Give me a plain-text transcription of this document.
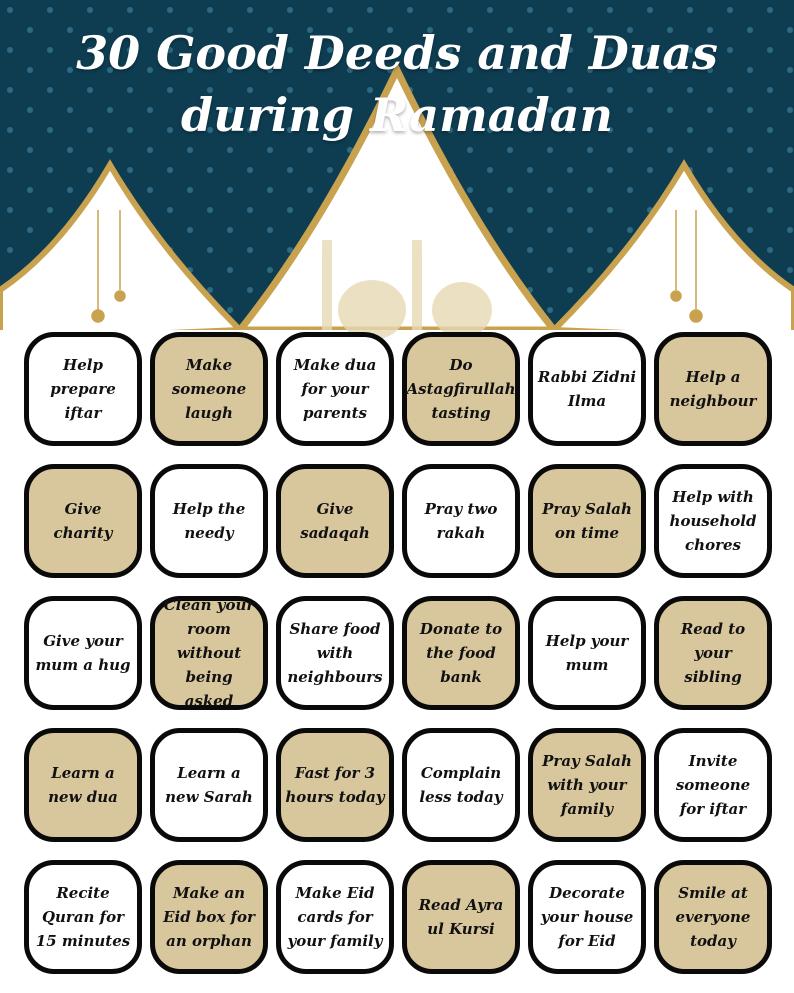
30 Good Deeds and Duas
during Ramadan
Help prepare iftar
Make someone laugh
Make dua for your parents
Do Astagfirullah tasting
Rabbi Zidni Ilma
Help a neighbour
Give charity
Help the needy
Give sadaqah
Pray two rakah
Pray Salah on time
Help with household chores
Give your mum a hug
Clean your room without being asked
Share food with neighbours
Donate to the food bank
Help your mum
Read to your sibling
Learn a new dua
Learn a new Sarah
Fast for 3 hours today
Complain less today
Pray Salah with your family
Invite someone for iftar
Recite Quran for 15 minutes
Make an Eid box for an orphan
Make Eid cards for your family
Read Ayra ul Kursi
Decorate your house for Eid
Smile at everyone today
